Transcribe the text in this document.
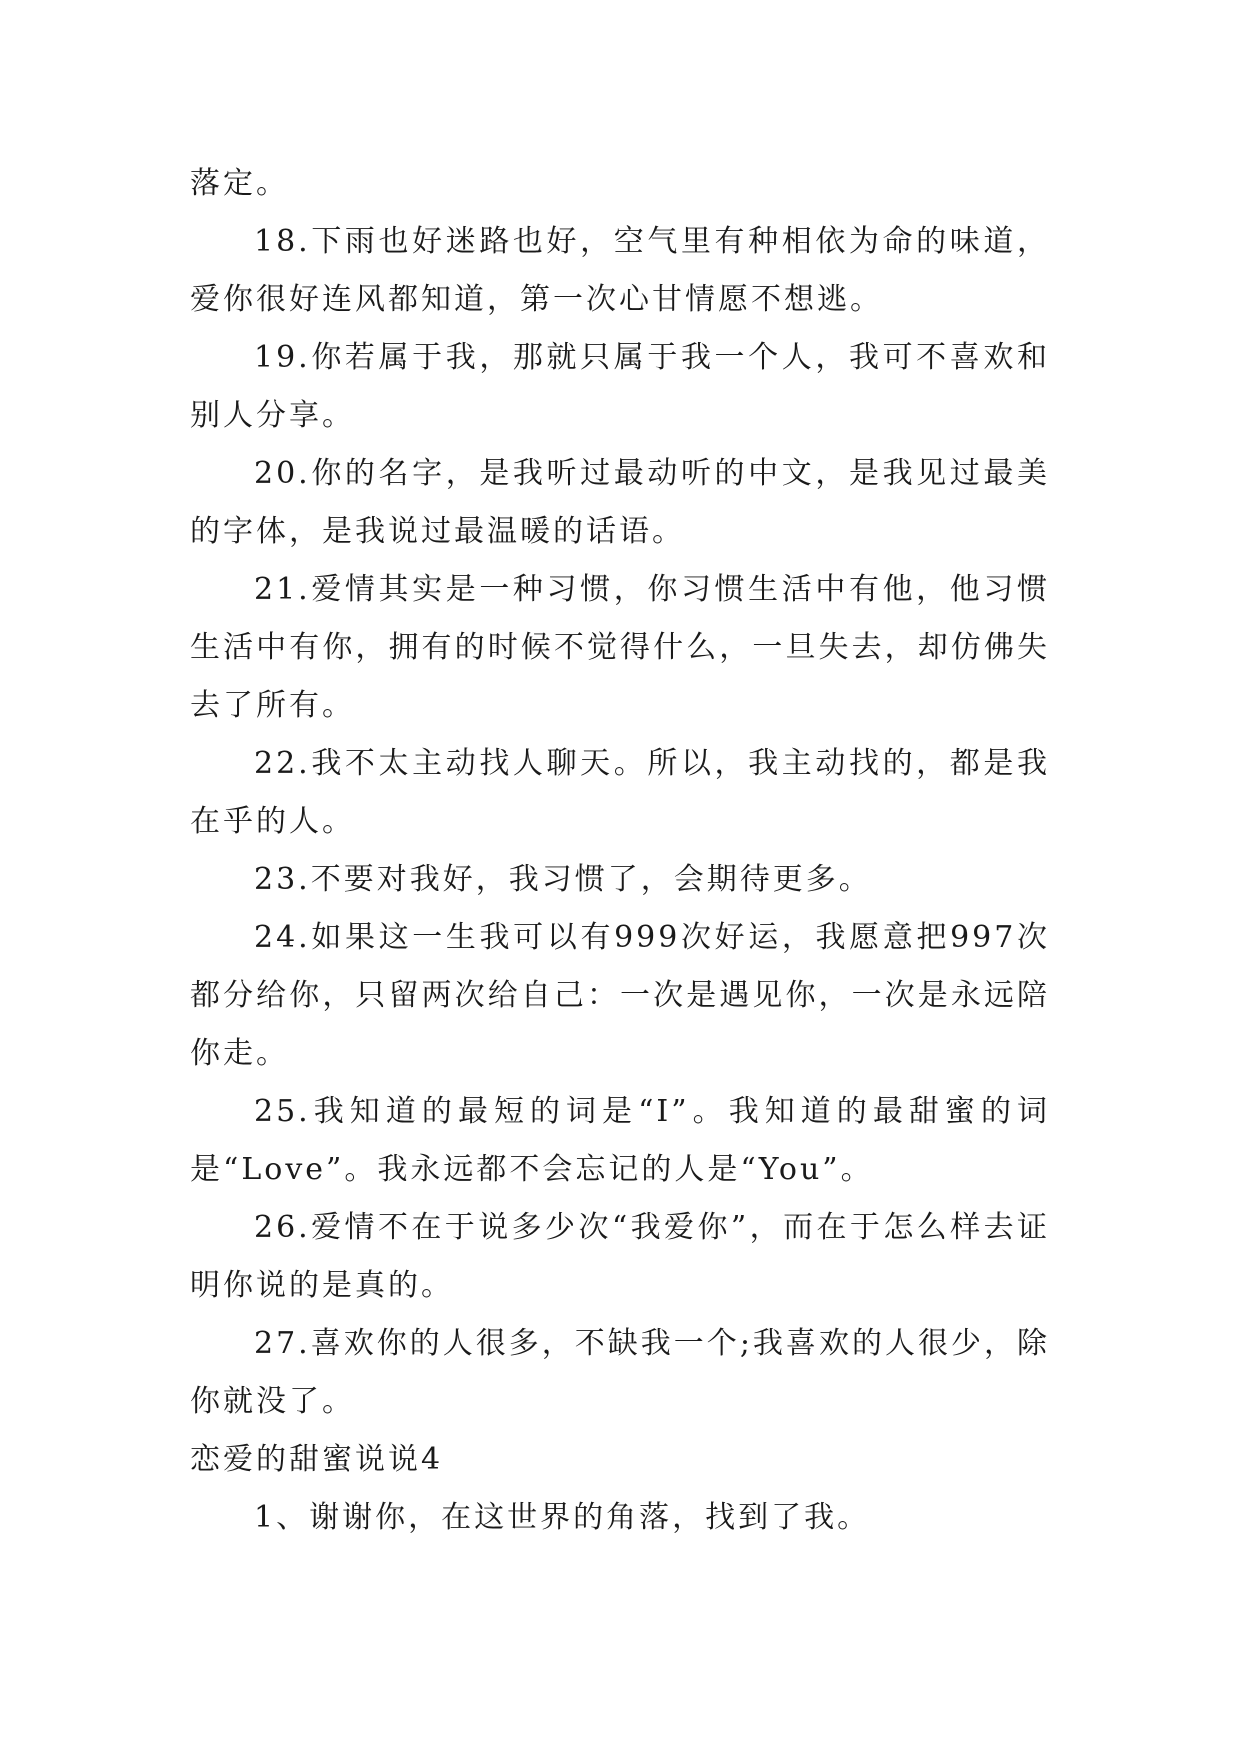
落定。

18.下雨也好迷路也好，空气里有种相依为命的味道，爱你很好连风都知道，第一次心甘情愿不想逃。

19.你若属于我，那就只属于我一个人，我可不喜欢和别人分享。

20.你的名字，是我听过最动听的中文，是我见过最美的字体，是我说过最温暖的话语。

21.爱情其实是一种习惯，你习惯生活中有他，他习惯生活中有你，拥有的时候不觉得什么，一旦失去，却仿佛失去了所有。

22.我不太主动找人聊天。所以，我主动找的，都是我在乎的人。

23.不要对我好，我习惯了，会期待更多。

24.如果这一生我可以有999次好运，我愿意把997次都分给你，只留两次给自己：一次是遇见你，一次是永远陪你走。

25.我知道的最短的词是“I”。我知道的最甜蜜的词是“Love”。我永远都不会忘记的人是“You”。

26.爱情不在于说多少次“我爱你”，而在于怎么样去证明你说的是真的。

27.喜欢你的人很多，不缺我一个;我喜欢的人很少，除你就没了。

恋爱的甜蜜说说4

1、谢谢你，在这世界的角落，找到了我。
